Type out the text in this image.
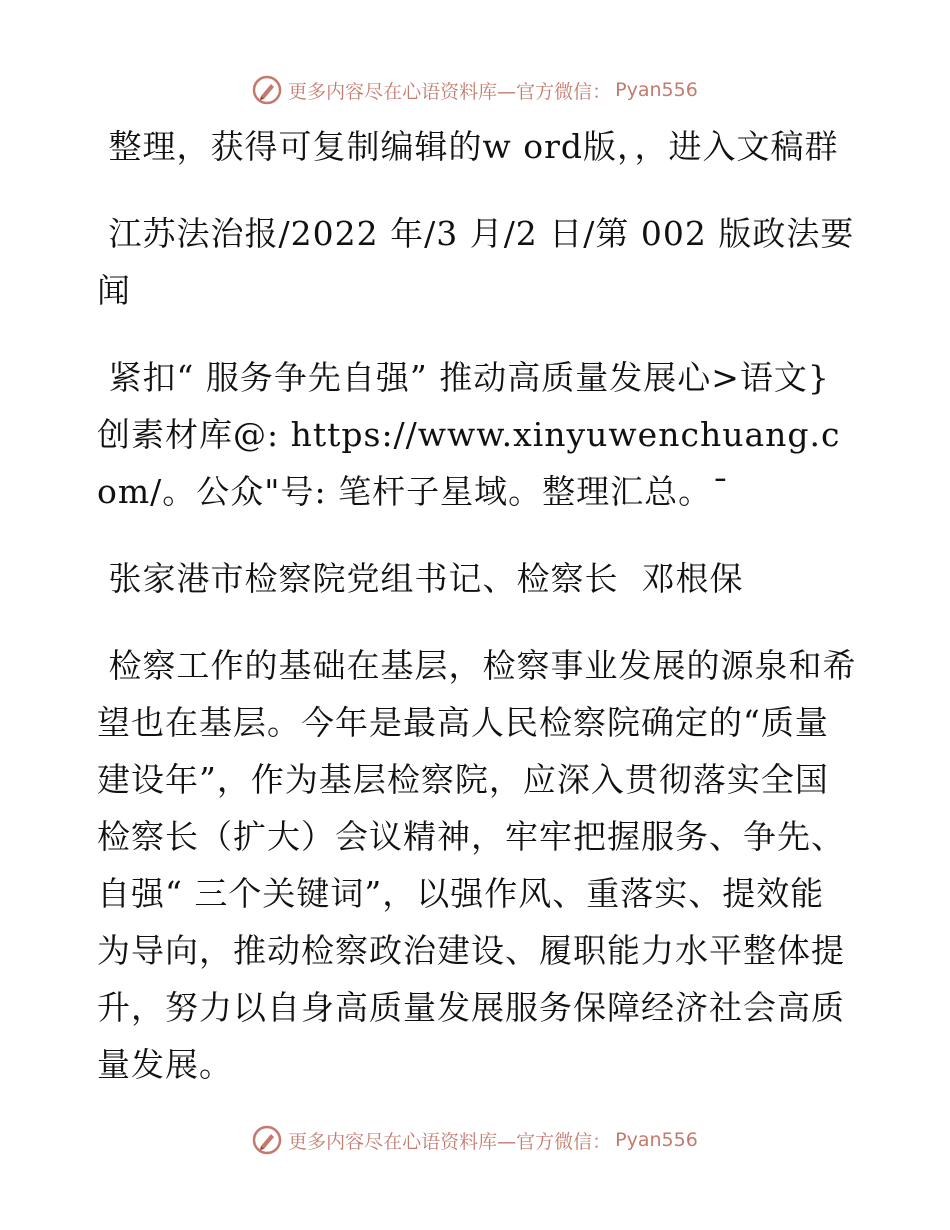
更多内容尽在心语资料库—官方微信： Pyan556

整理，获得可复制编辑的w ord版，，进入文稿群

江苏法治报/2022 年/3 月/2 日/第 002 版政法要闻

紧扣“ 服务争先自强” 推动高质量发展心>语文}创素材库@: https://www.xinyuwenchuang.com/。公众"号: 笔杆子星域。整理汇总。¯

张家港市检察院党组书记、检察长  邓根保

检察工作的基础在基层，检察事业发展的源泉和希望也在基层。今年是最高人民检察院确定的“质量建设年”，作为基层检察院，应深入贯彻落实全国检察长（扩大）会议精神，牢牢把握服务、争先、自强“ 三个关键词”，以强作风、重落实、提效能为导向，推动检察政治建设、履职能力水平整体提升，努力以自身高质量发展服务保障经济社会高质量发展。

更多内容尽在心语资料库—官方微信： Pyan556
